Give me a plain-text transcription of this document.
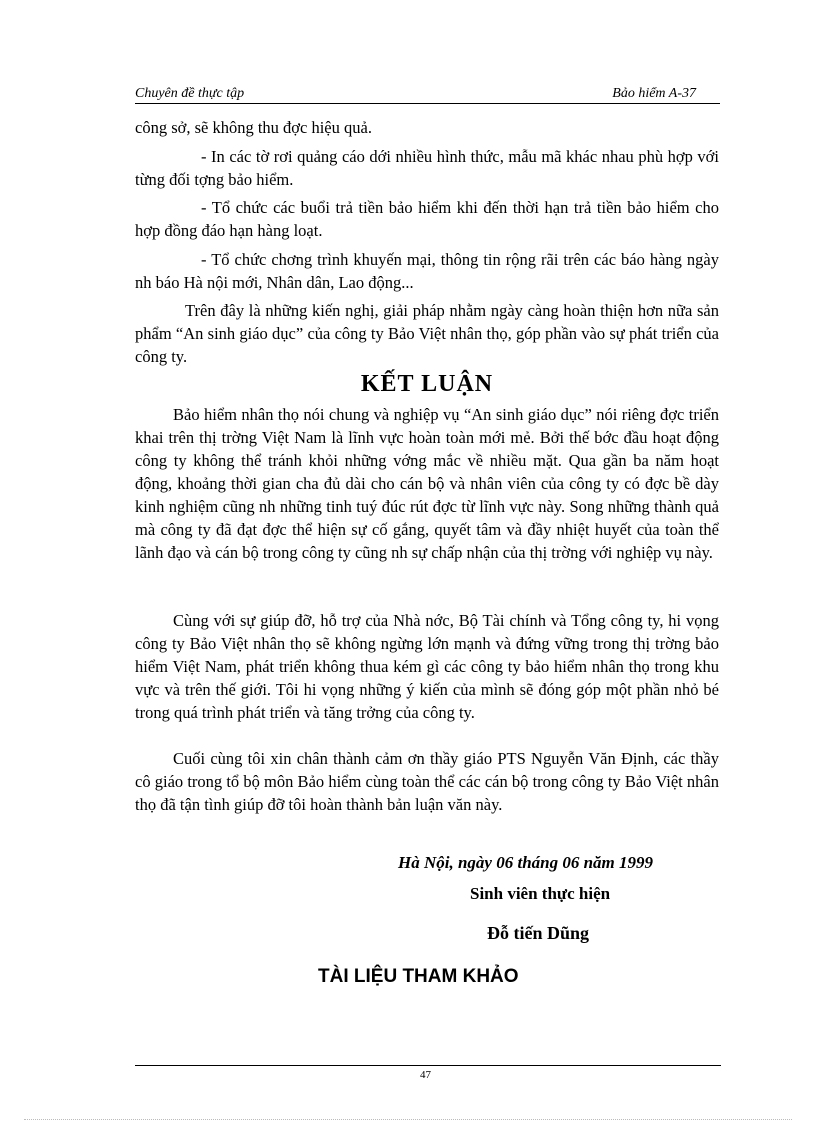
Chuyên đề thực tập	Bảo hiểm A-37

công sở, sẽ không thu đợc hiệu quả.

- In các tờ rơi quảng cáo dới nhiều hình thức, mẫu mã khác nhau phù hợp với từng đối tợng bảo hiểm.

- Tổ chức các buổi trả tiền bảo hiểm khi đến thời hạn trả tiền bảo hiểm cho hợp đồng đáo hạn hàng loạt.

- Tổ chức chơng trình khuyến mại, thông tin rộng rãi trên các báo hàng ngày nh báo Hà nội mới, Nhân dân, Lao động...

Trên đây là những kiến nghị, giải pháp nhằm ngày càng hoàn thiện hơn nữa sản phẩm “An sinh giáo dục” của công ty Bảo Việt nhân thọ, góp phần vào sự phát triển của công ty.

KẾT LUẬN

Bảo hiểm nhân thọ nói chung và nghiệp vụ “An sinh giáo dục” nói riêng đợc triển khai trên thị trờng Việt Nam là lĩnh vực hoàn toàn mới mẻ. Bởi thế bớc đầu hoạt động công ty không thể tránh khỏi những vớng mắc về nhiều mặt. Qua gần ba năm hoạt động, khoảng thời gian cha đủ dài cho cán bộ và nhân viên của công ty có đợc bề dày kinh nghiệm cũng nh những tinh tuý đúc rút đợc từ lĩnh vực này. Song những thành quả mà công ty đã đạt đợc thể hiện sự cố gắng, quyết tâm và đầy nhiệt huyết của toàn thể lãnh đạo và cán bộ trong công ty cũng nh sự chấp nhận của thị trờng với nghiệp vụ này.

Cùng với sự giúp đỡ, hỗ trợ của Nhà nớc, Bộ Tài chính và Tổng công ty, hi vọng công ty Bảo Việt nhân thọ sẽ không ngừng lớn mạnh và đứng vững trong thị trờng bảo hiểm Việt Nam, phát triển không thua kém gì các công ty bảo hiểm nhân thọ trong khu vực và trên thế giới. Tôi hi vọng những ý kiến của mình sẽ đóng góp một phần nhỏ bé trong quá trình phát triển và tăng trởng của công ty.

Cuối cùng tôi xin chân thành cảm ơn thầy giáo PTS Nguyễn Văn Định, các thầy cô giáo trong tổ bộ môn Bảo hiểm cùng toàn thể các cán bộ trong công ty Bảo Việt nhân thọ đã tận tình giúp đỡ tôi hoàn thành bản luận văn này.

Hà Nội, ngày 06 tháng 06 năm 1999
Sinh viên thực hiện
Đỗ tiến Dũng
TÀI LIỆU THAM KHẢO
47
